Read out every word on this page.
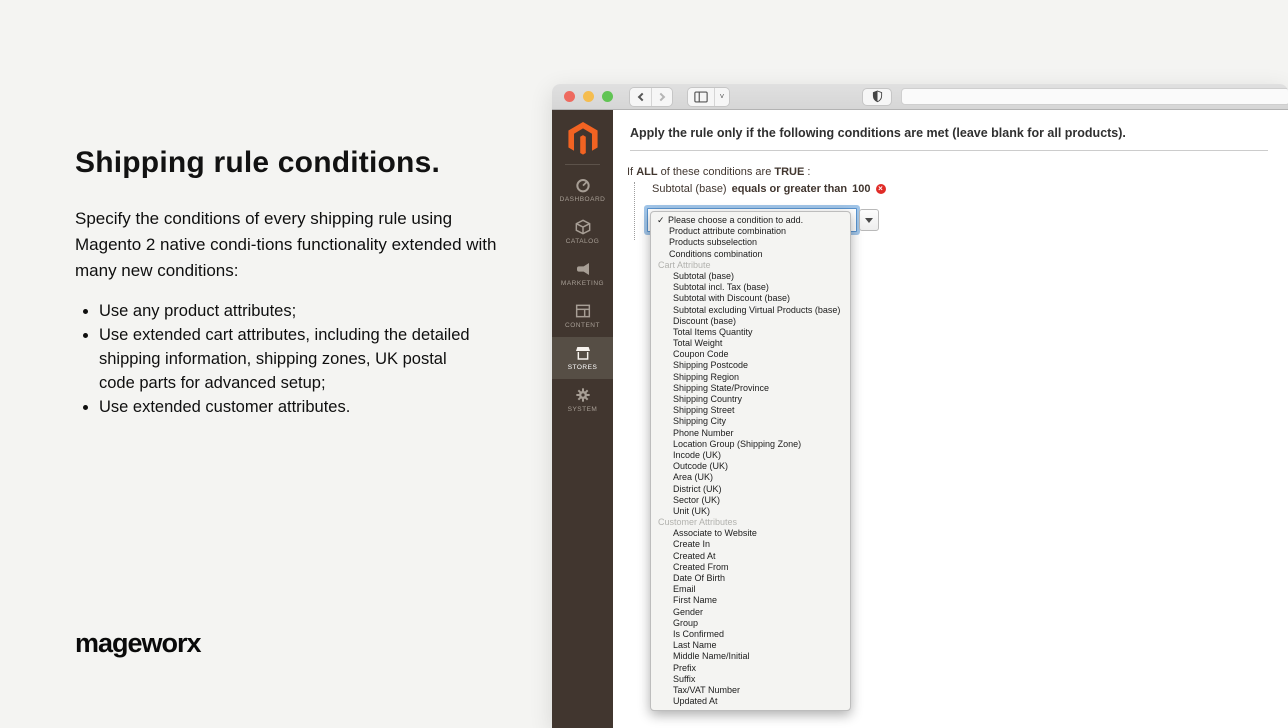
Shipping rule conditions.
Specify the conditions of every shipping rule using Magento 2 native condi-tions functionality extended with many new conditions:
• Use any product attributes;
• Use extended cart attributes, including the detailed shipping information, shipping zones, UK postal code parts for advanced setup;
• Use extended customer attributes.
mageworx
˅
DASHBOARD
CATALOG
MARKETING
CONTENT
STORES
SYSTEM
Apply the rule only if the following conditions are met (leave blank for all products).
If ALL of these conditions are TRUE :
Subtotal (base) equals or greater than 100 ×
✓ Please choose a condition to add.
Product attribute combination
Products subselection
Conditions combination
Cart Attribute
Subtotal (base)
Subtotal incl. Tax (base)
Subtotal with Discount (base)
Subtotal excluding Virtual Products (base)
Discount (base)
Total Items Quantity
Total Weight
Coupon Code
Shipping Postcode
Shipping Region
Shipping State/Province
Shipping Country
Shipping Street
Shipping City
Phone Number
Location Group (Shipping Zone)
Incode (UK)
Outcode (UK)
Area (UK)
District (UK)
Sector (UK)
Unit (UK)
Customer Attributes
Associate to Website
Create In
Created At
Created From
Date Of Birth
Email
First Name
Gender
Group
Is Confirmed
Last Name
Middle Name/Initial
Prefix
Suffix
Tax/VAT Number
Updated At
